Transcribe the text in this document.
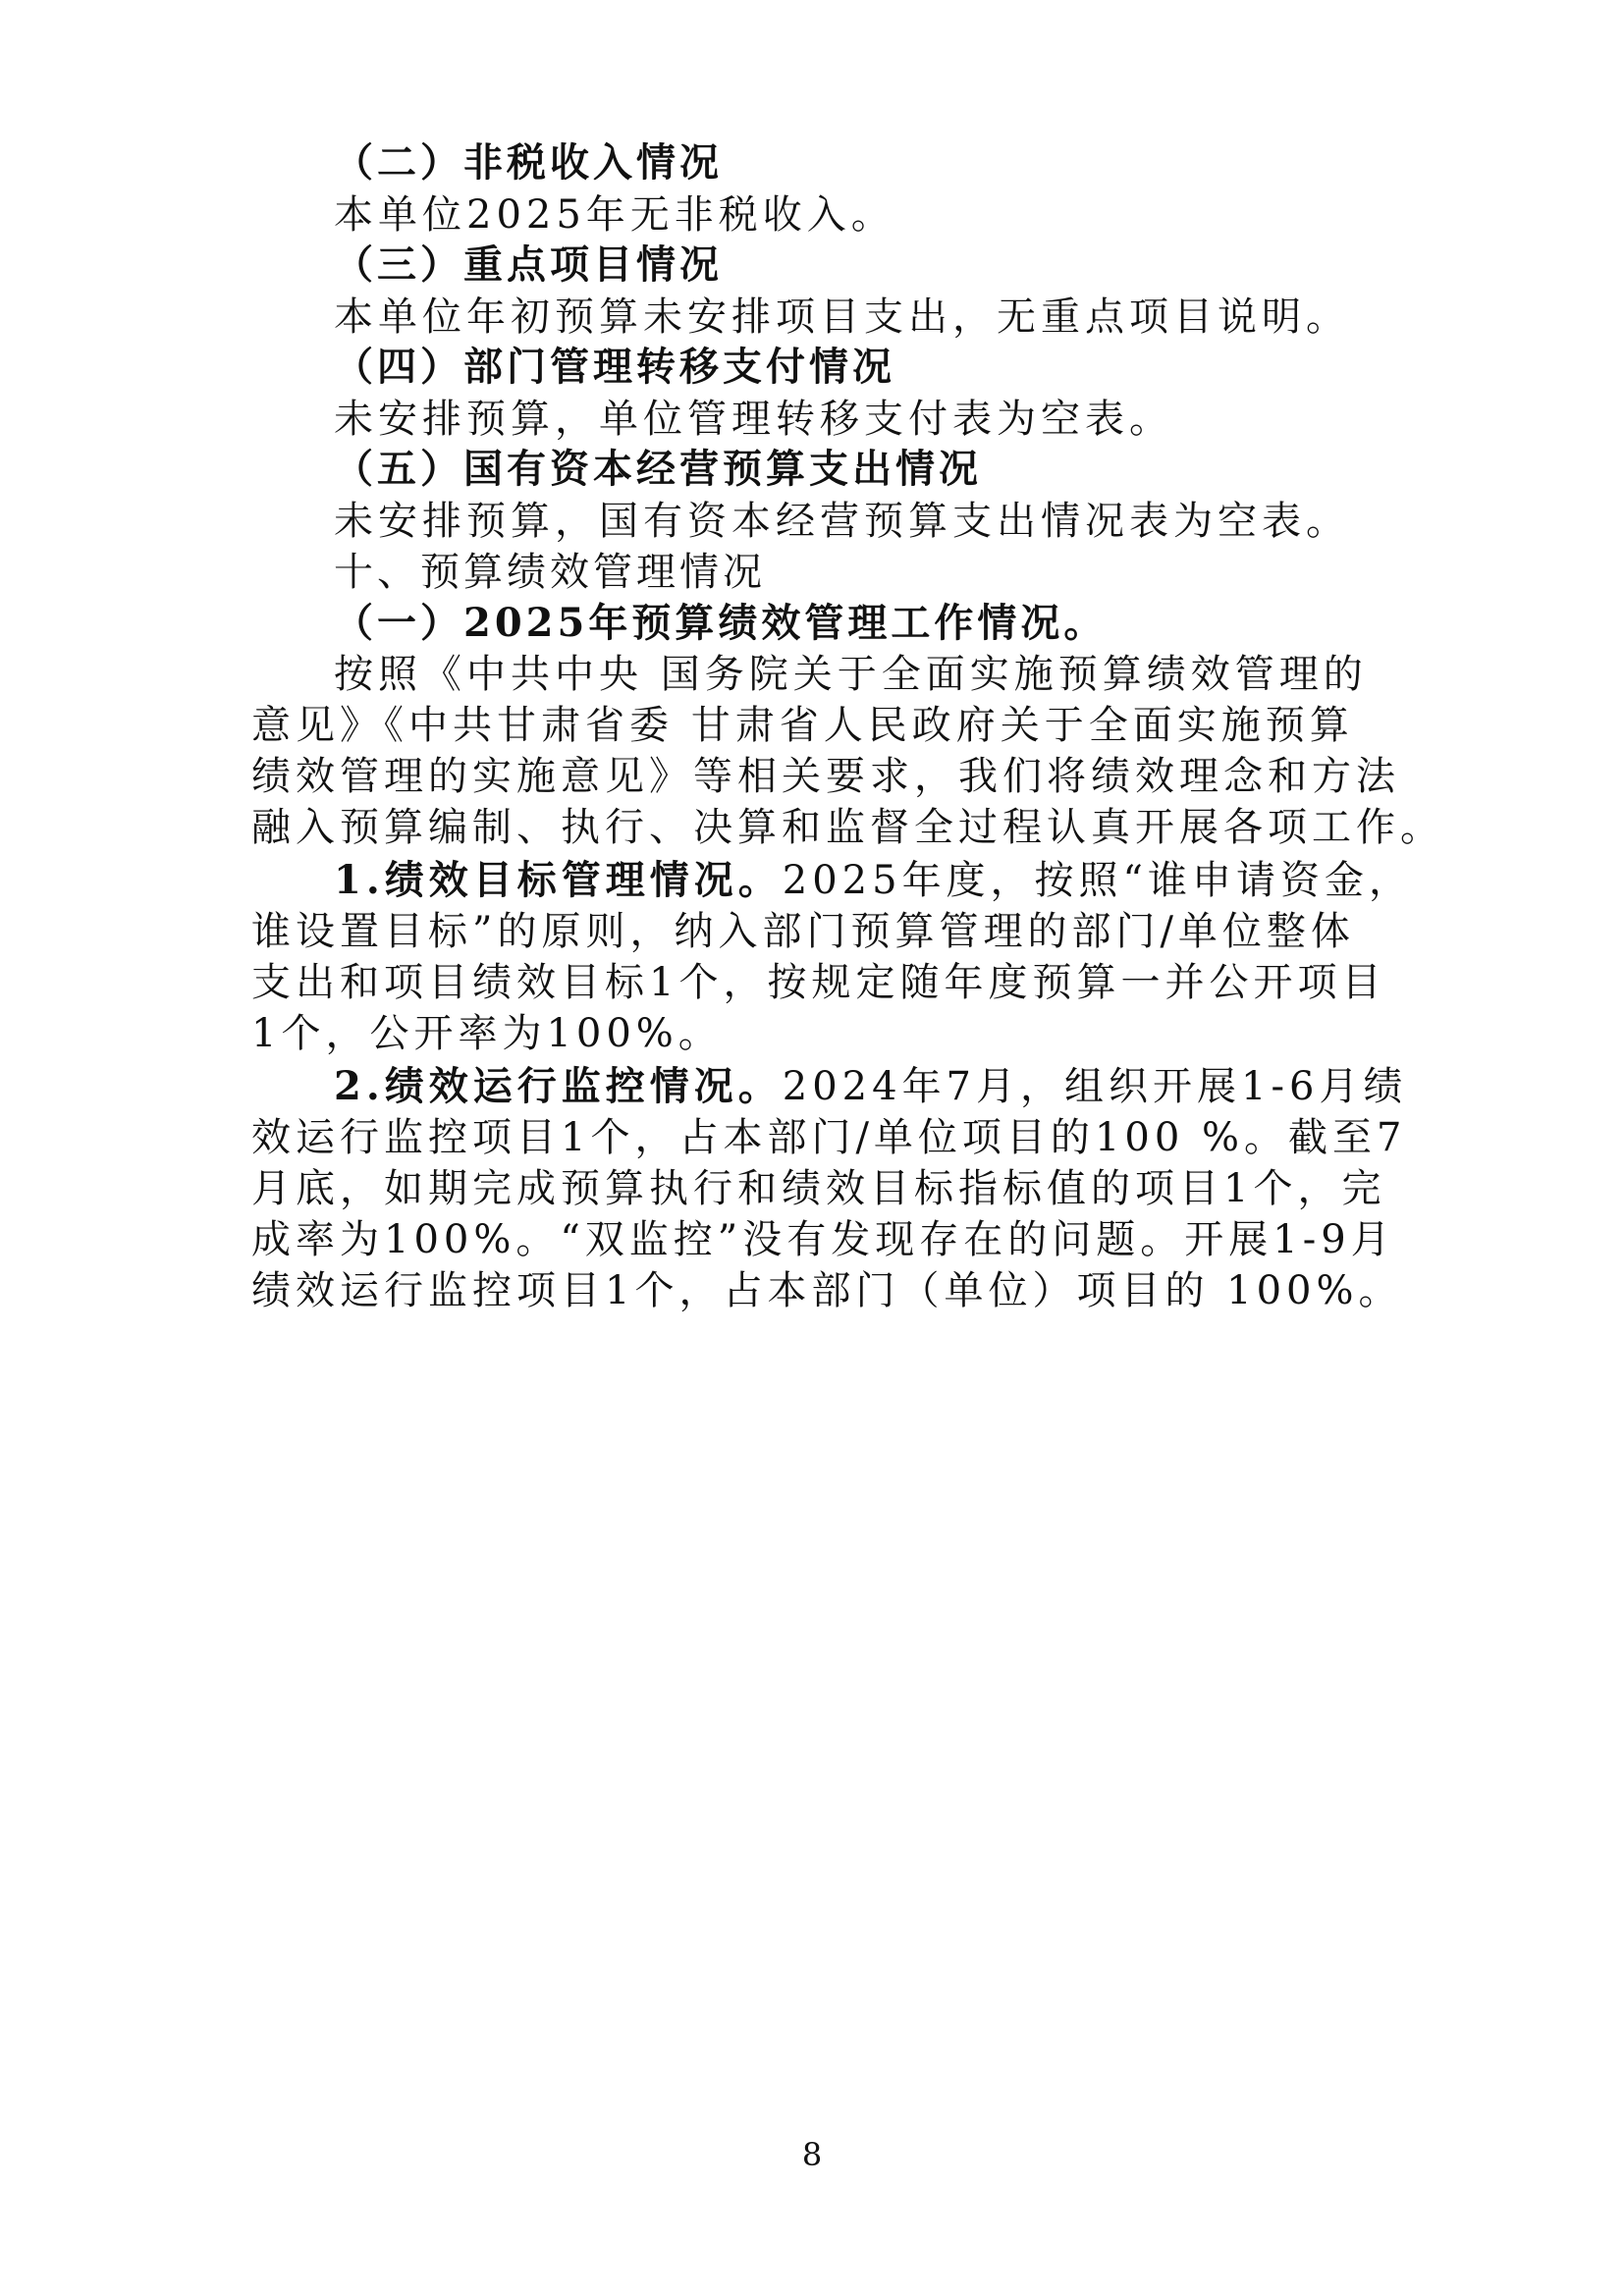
（二）非税收入情况
本单位2025年无非税收入。
（三）重点项目情况
本单位年初预算未安排项目支出，无重点项目说明。
（四）部门管理转移支付情况
未安排预算，单位管理转移支付表为空表。
（五）国有资本经营预算支出情况
未安排预算，国有资本经营预算支出情况表为空表。
十、预算绩效管理情况
（一）2025年预算绩效管理工作情况。
按照《中共中央 国务院关于全面实施预算绩效管理的
意见》《中共甘肃省委 甘肃省人民政府关于全面实施预算
绩效管理的实施意见》等相关要求，我们将绩效理念和方法
融入预算编制、执行、决算和监督全过程认真开展各项工作。
1.绩效目标管理情况。2025年度，按照“谁申请资金，
谁设置目标”的原则，纳入部门预算管理的部门/单位整体
支出和项目绩效目标1个，按规定随年度预算一并公开项目
1个，公开率为100%。
2.绩效运行监控情况。2024年7月，组织开展1-6月绩
效运行监控项目1个，占本部门/单位项目的100 %。截至7
月底，如期完成预算执行和绩效目标指标值的项目1个，完
成率为100%。“双监控”没有发现存在的问题。开展1-9月
绩效运行监控项目1个，占本部门（单位）项目的 100%。
8
